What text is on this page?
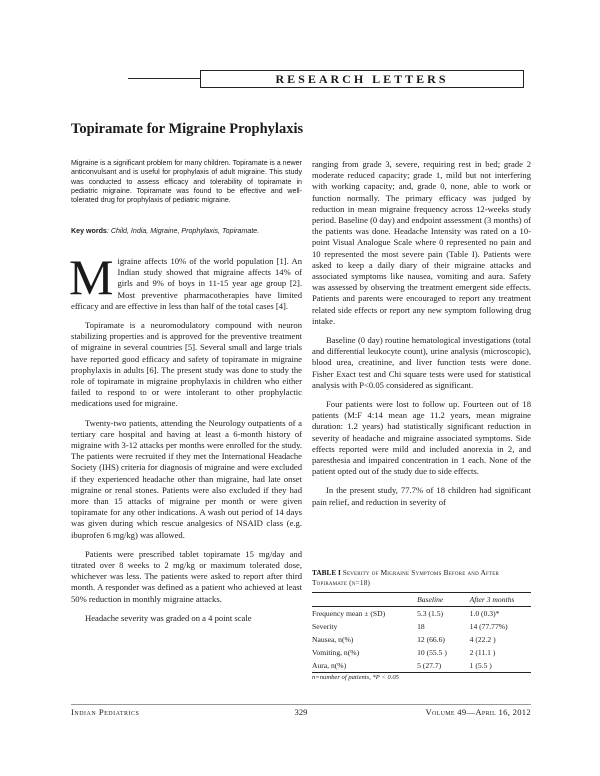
RESEARCH LETTERS
Topiramate for Migraine Prophylaxis
Migraine is a significant problem for many children. Topiramate is a newer anticonvulsant and is useful for prophylaxis of adult migraine. This study was conducted to assess efficacy and tolerability of topiramate in pediatric migraine. Topiramate was found to be effective and well-tolerated drug for prophylaxis of pediatric migraine.
Key words: Child, India, Migraine, Prophylaxis, Topiramate.

Migraine affects 10% of the world population [1]. An Indian study showed that migraine affects 14% of girls and 9% of boys in 11-15 year age group [2]. Most preventive pharmacotherapies have limited efficacy and are effective in less than half of the total cases [4].

Topiramate is a neuromodulatory compound with neuron stabilizing properties and is approved for the preventive treatment of migraine in several countries [5]. Several small and large trials have reported good efficacy and safety of topiramate in migraine prophylaxis in adults [6]. The present study was done to study the role of topiramate in migraine prophylaxis in children who either failed to respond to or were intolerant to other prophylactic medications used for migraine.

Twenty-two patients, attending the Neurology outpatients of a tertiary care hospital and having at least a 6-month history of migraine with 3-12 attacks per months were enrolled for the study. The patients were recruited if they met the International Headache Society (IHS) criteria for diagnosis of migraine and were excluded if they experienced headache other than migraine, had late onset migraine or renal stones. Patients were also excluded if they had more than 15 attacks of migraine per month or were given topiramate for any other indications. A wash out period of 14 days was given during which rescue analgesics of NSAID class (e.g. ibuprofen 6 mg/kg) was allowed.

Patients were prescribed tablet topiramate 15 mg/day and titrated over 8 weeks to 2 mg/kg or maximum tolerated dose, whichever was less. The patients were asked to report after third month. A responder was defined as a patient who achieved at least 50% reduction in monthly migraine attacks.

Headache severity was graded on a 4 point scale

ranging from grade 3, severe, requiring rest in bed; grade 2 moderate reduced capacity; grade 1, mild but not interfering with working capacity; and, grade 0, none, able to work or function normally. The primary efficacy was judged by reduction in mean migraine frequency across 12-weeks study period. Baseline (0 day) and endpoint assessment (3 months) of the patients was done. Headache Intensity was rated on a 10-point Visual Analogue Scale where 0 represented no pain and 10 represented the most severe pain (Table I). Patients were asked to keep a daily diary of their migraine attacks and associated symptoms like nausea, vomiting and aura. Safety was assessed by observing the treatment emergent side effects. Patients and parents were encouraged to report any treatment related side effects or report any new symptom following drug intake.

Baseline (0 day) routine hematological investigations (total and differential leukocyte count), urine analysis (microscopic), blood urea, creatinine, and liver function tests were done. Fisher Exact test and Chi square tests were used for statistical analysis with P<0.05 considered as significant.

Four patients were lost to follow up. Fourteen out of 18 patients (M:F 4:14 mean age 11.2 years, mean migraine duration: 1.2 years) had statistically significant reduction in severity of headache and migraine associated symptoms. Side effects reported were mild and included anorexia in 2, and paresthesia and impaired concentration in 1 each. None of the patient opted out of the study due to side effects.

In the present study, 77.7% of 18 children had significant pain relief, and reduction in severity of

TABLE I Severity of Migraine Symptoms Before and After Topiramate (n=18)
	Baseline	After 3 months
Frequency mean ± (SD)	5.3 (1.5)	1.0 (0.3)*
Severity	18	14 (77.77%)
Nausea, n(%)	12 (66.6)	4 (22.2 )
Vomiting, n(%)	10 (55.5 )	2 (11.1 )
Aura, n(%)	5 (27.7)	1 (5.5 )
n=number of patients, *P < 0.05
Indian Pediatrics	329	Volume 49—April 16, 2012
